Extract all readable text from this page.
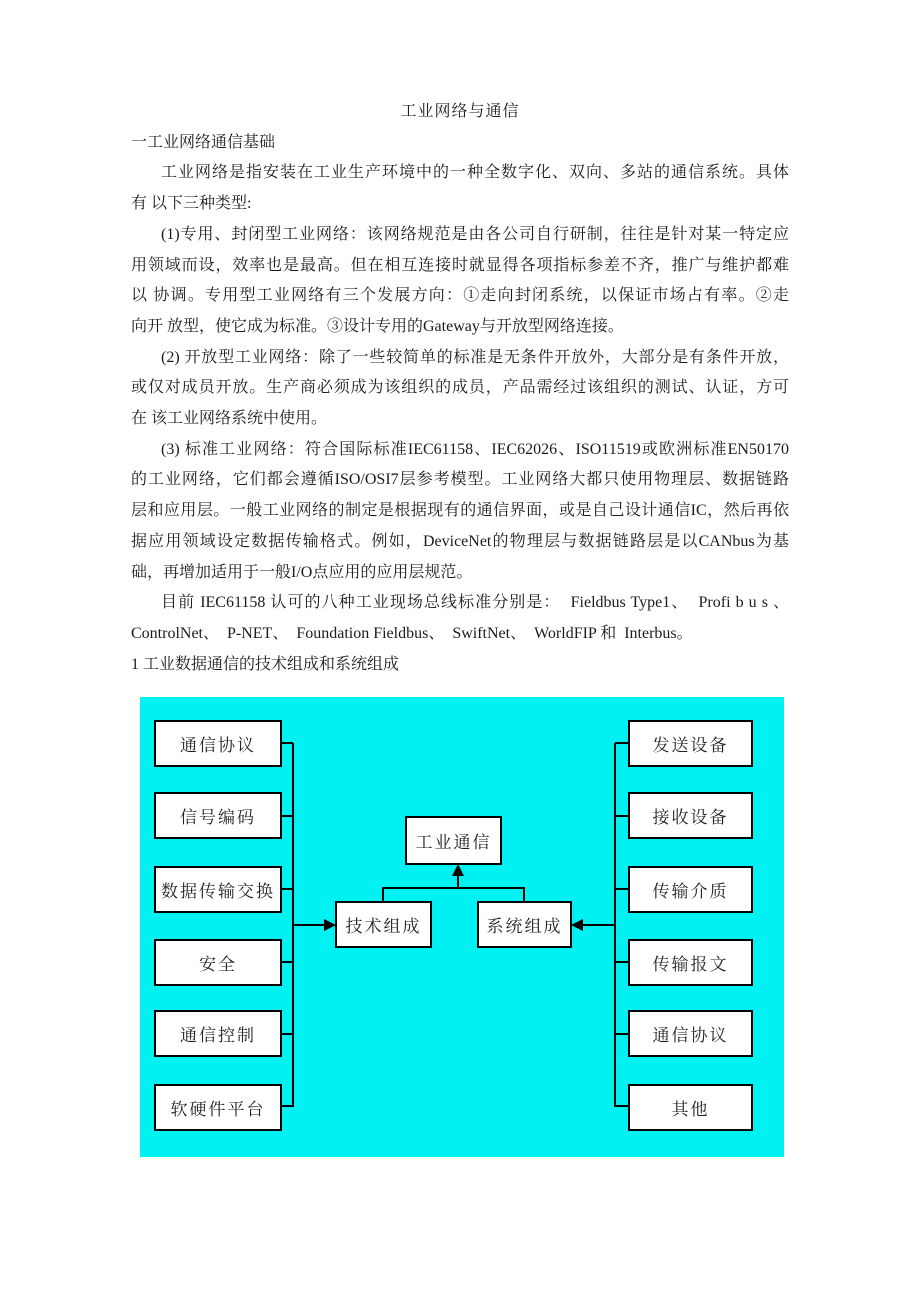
工业网络与通信
一工业网络通信基础
工业网络是指安装在工业生产环境中的一种全数字化、双向、多站的通信系统。具体
有 以下三种类型:
(1)专用、封闭型工业网络：该网络规范是由各公司自行研制，往往是针对某一特定应
用领域而设，效率也是最高。但在相互连接时就显得各项指标参差不齐，推广与维护都难
以 协调。专用型工业网络有三个发展方向：①走向封闭系统，以保证市场占有率。②走
向开 放型，使它成为标准。③设计专用的Gateway与开放型网络连接。
(2) 开放型工业网络：除了一些较简单的标准是无条件开放外，大部分是有条件开放，
或仅对成员开放。生产商必须成为该组织的成员，产品需经过该组织的测试、认证，方可
在 该工业网络系统中使用。
(3) 标准工业网络：符合国际标准IEC61158、IEC62026、ISO11519或欧洲标准EN50170
的工业网络，它们都会遵循ISO/OSI7层参考模型。工业网络大都只使用物理层、数据链路
层和应用层。一般工业网络的制定是根据现有的通信界面，或是自己设计通信IC，然后再依
据应用领域设定数据传输格式。例如，DeviceNet的物理层与数据链路层是以CANbus为基
础，再增加适用于一般I/O点应用的应用层规范。
目前 IEC61158 认可的八种工业现场总线标准分别是：  Fieldbus Type1、  Profi b u s 、
ControlNet、  P-NET、  Foundation Fieldbus、  SwiftNet、  WorldFIP 和  Interbus。
1 工业数据通信的技术组成和系统组成
通信协议
信号编码
数据传输交换
安全
通信控制
软硬件平台
发送设备
接收设备
传输介质
传输报文
通信协议
其他
工业通信
技术组成	系统组成
